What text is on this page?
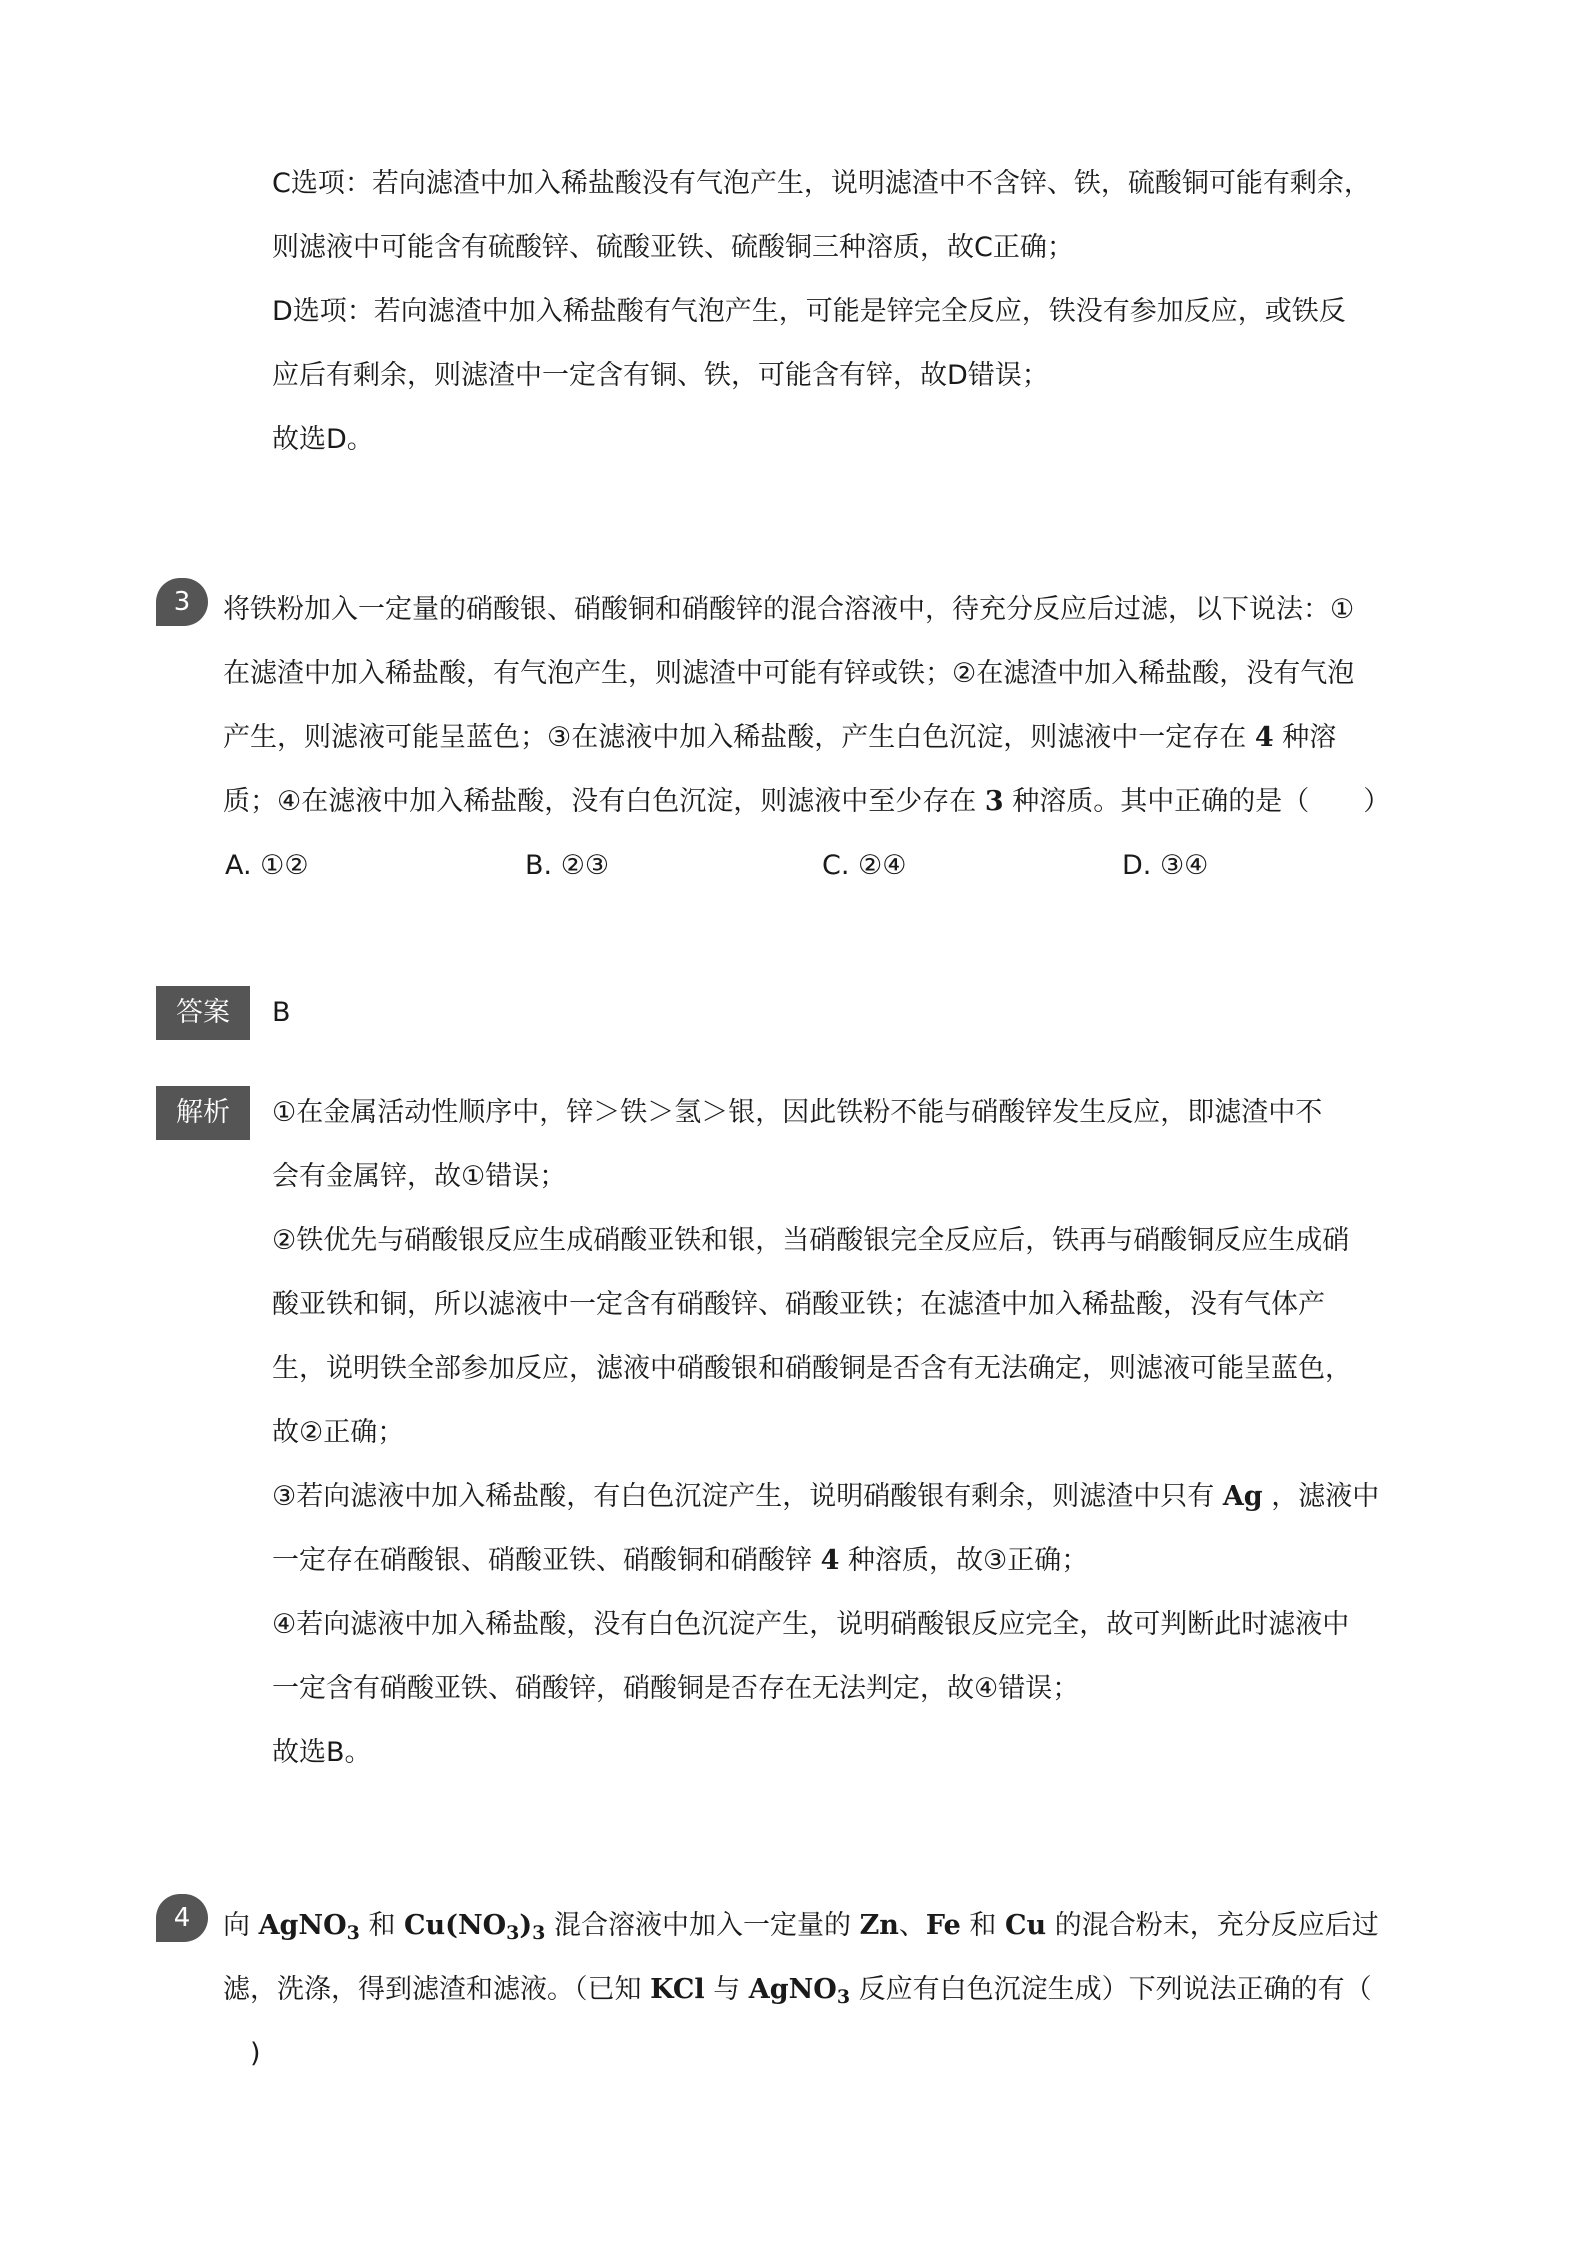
C选项：若向滤渣中加入稀盐酸没有气泡产生，说明滤渣中不含锌、铁，硫酸铜可能有剩余，
则滤液中可能含有硫酸锌、硫酸亚铁、硫酸铜三种溶质，故C正确；
D选项：若向滤渣中加入稀盐酸有气泡产生，可能是锌完全反应，铁没有参加反应，或铁反
应后有剩余，则滤渣中一定含有铜、铁，可能含有锌，故D错误；
故选D。
3	将铁粉加入一定量的硝酸银、硝酸铜和硝酸锌的混合溶液中，待充分反应后过滤，以下说法：①
在滤渣中加入稀盐酸，有气泡产生，则滤渣中可能有锌或铁；②在滤渣中加入稀盐酸，没有气泡
产生，则滤液可能呈蓝色；③在滤液中加入稀盐酸，产生白色沉淀，则滤液中一定存在 4 种溶
质；④在滤液中加入稀盐酸，没有白色沉淀，则滤液中至少存在 3 种溶质。其中正确的是（　　）
A. ①②	B. ②③	C. ②④	D. ③④
答案	B
解析	①在金属活动性顺序中，锌＞铁＞氢＞银，因此铁粉不能与硝酸锌发生反应，即滤渣中不
会有金属锌，故①错误；
②铁优先与硝酸银反应生成硝酸亚铁和银，当硝酸银完全反应后，铁再与硝酸铜反应生成硝
酸亚铁和铜，所以滤液中一定含有硝酸锌、硝酸亚铁；在滤渣中加入稀盐酸，没有气体产
生，说明铁全部参加反应，滤液中硝酸银和硝酸铜是否含有无法确定，则滤液可能呈蓝色，
故②正确；
③若向滤液中加入稀盐酸，有白色沉淀产生，说明硝酸银有剩余，则滤渣中只有 Ag ，滤液中
一定存在硝酸银、硝酸亚铁、硝酸铜和硝酸锌 4 种溶质，故③正确；
④若向滤液中加入稀盐酸，没有白色沉淀产生，说明硝酸银反应完全，故可判断此时滤液中
一定含有硝酸亚铁、硝酸锌，硝酸铜是否存在无法判定，故④错误；
故选B。
4	向 AgNO$_3$ 和 $Cu(NO_3)_3$ 混合溶液中加入一定量的 Zn、Fe 和 Cu 的混合粉末，充分反应后过
滤，洗涤，得到滤渣和滤液。（已知 KCl 与 AgNO$_3$ 反应有白色沉淀生成）下列说法正确的有（
　)
